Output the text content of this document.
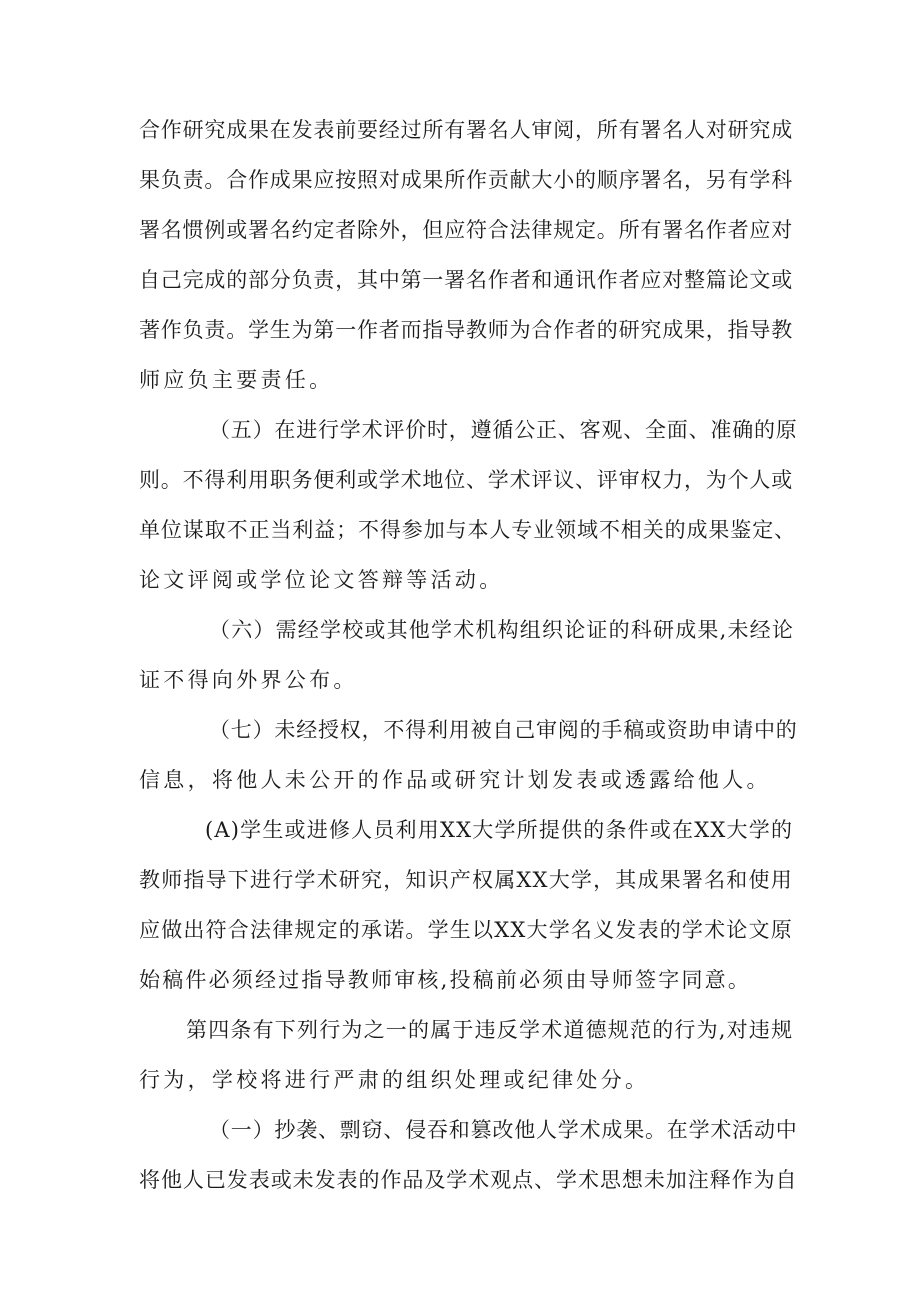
合作研究成果在发表前要经过所有署名人审阅，所有署名人对研究成
果负责。合作成果应按照对成果所作贡献大小的顺序署名，另有学科
署名惯例或署名约定者除外，但应符合法律规定。所有署名作者应对
自己完成的部分负责，其中第一署名作者和通讯作者应对整篇论文或
著作负责。学生为第一作者而指导教师为合作者的研究成果，指导教
师应负主要责任。
（五）在进行学术评价时，遵循公正、客观、全面、准确的原
则。不得利用职务便利或学术地位、学术评议、评审权力，为个人或
单位谋取不正当利益；不得参加与本人专业领域不相关的成果鉴定、
论文评阅或学位论文答辩等活动。
（六）需经学校或其他学术机构组织论证的科研成果,未经论
证不得向外界公布。
（七）未经授权，不得利用被自己审阅的手稿或资助申请中的
信息，将他人未公开的作品或研究计划发表或透露给他人。
(A)学生或进修人员利用XX大学所提供的条件或在XX大学的
教师指导下进行学术研究，知识产权属XX大学，其成果署名和使用
应做出符合法律规定的承诺。学生以XX大学名义发表的学术论文原
始稿件必须经过指导教师审核,投稿前必须由导师签字同意。
第四条有下列行为之一的属于违反学术道德规范的行为,对违规
行为，学校将进行严肃的组织处理或纪律处分。
（一）抄袭、剽窃、侵吞和篡改他人学术成果。在学术活动中
将他人已发表或未发表的作品及学术观点、学术思想未加注释作为自
